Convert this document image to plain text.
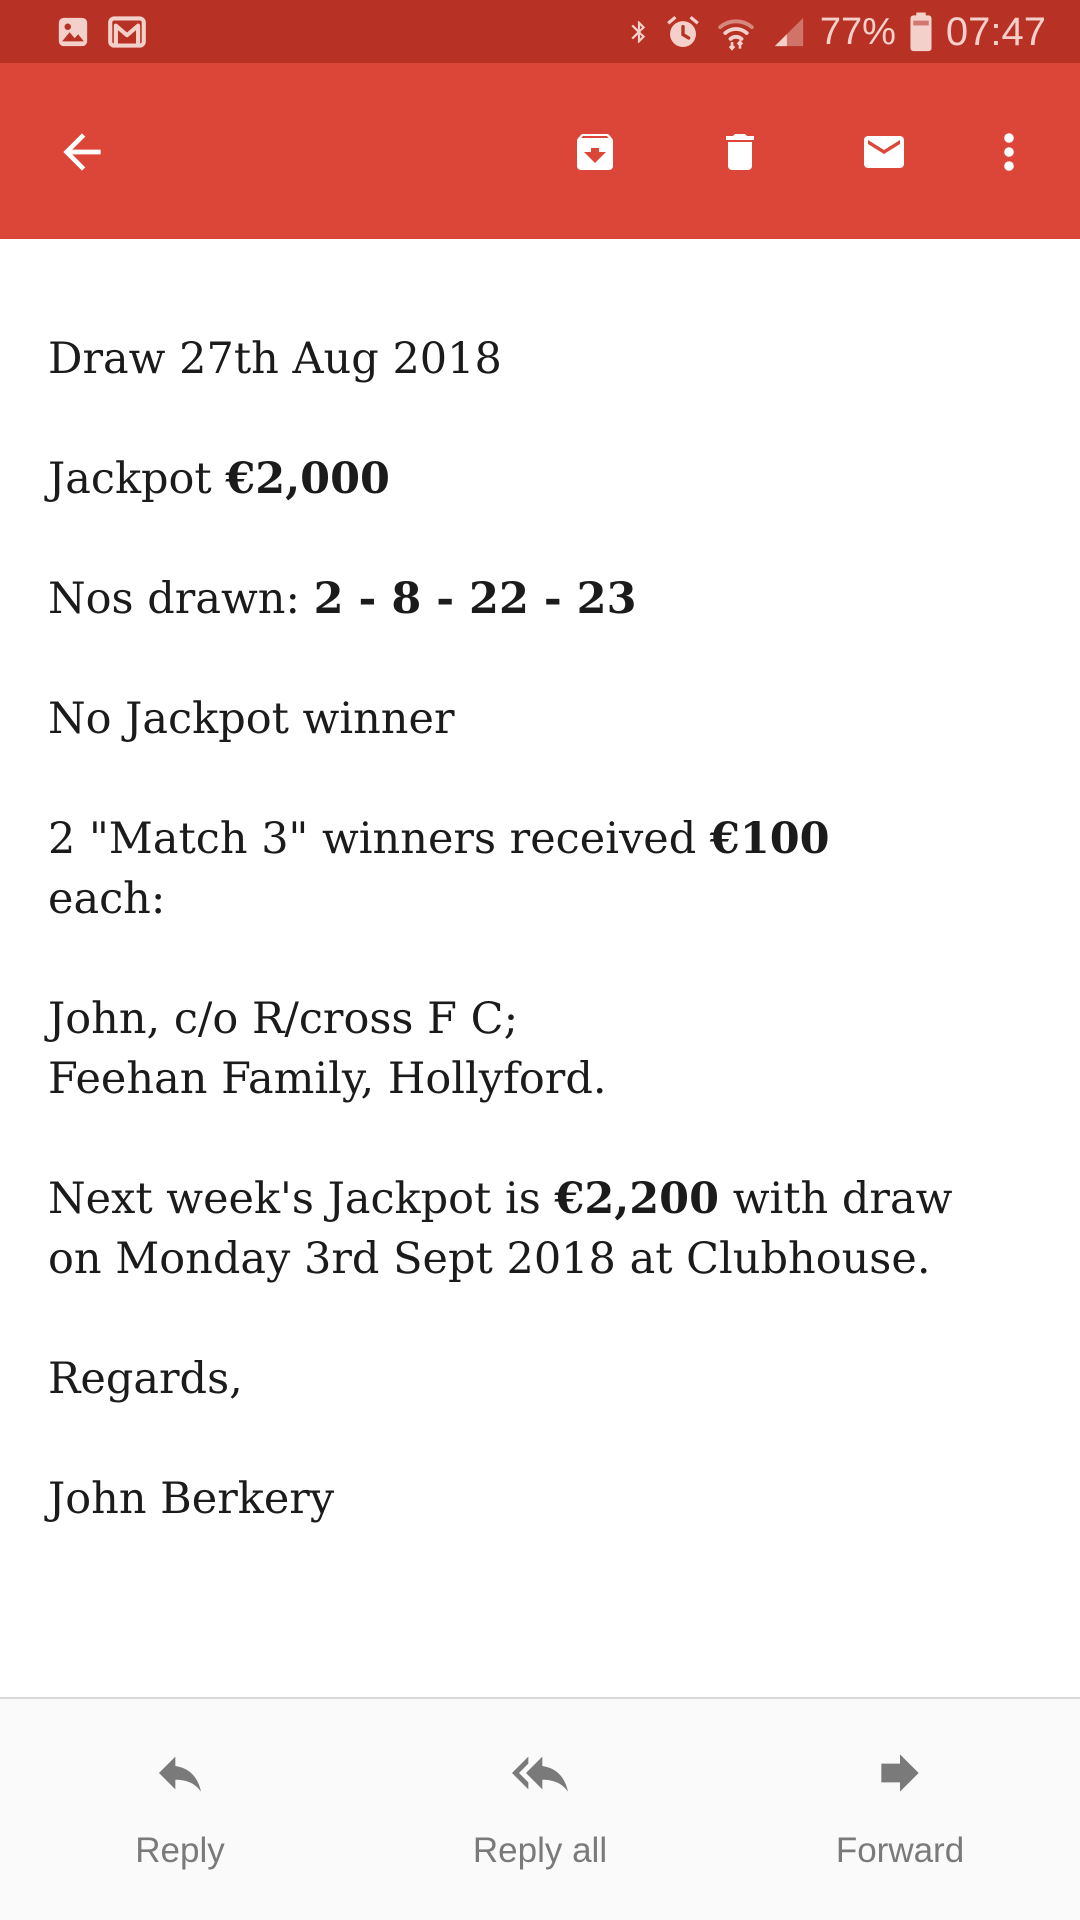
77% 07:47

Draw 27th Aug 2018

Jackpot €2,000

Nos drawn: 2 - 8 - 22 - 23

No Jackpot winner

2 "Match 3" winners received €100
each:

John, c/o R/cross F C;
Feehan Family, Hollyford.

Next week's Jackpot is €2,200 with draw
on Monday 3rd Sept 2018 at Clubhouse.

Regards,

John Berkery

Reply	Reply all	Forward
